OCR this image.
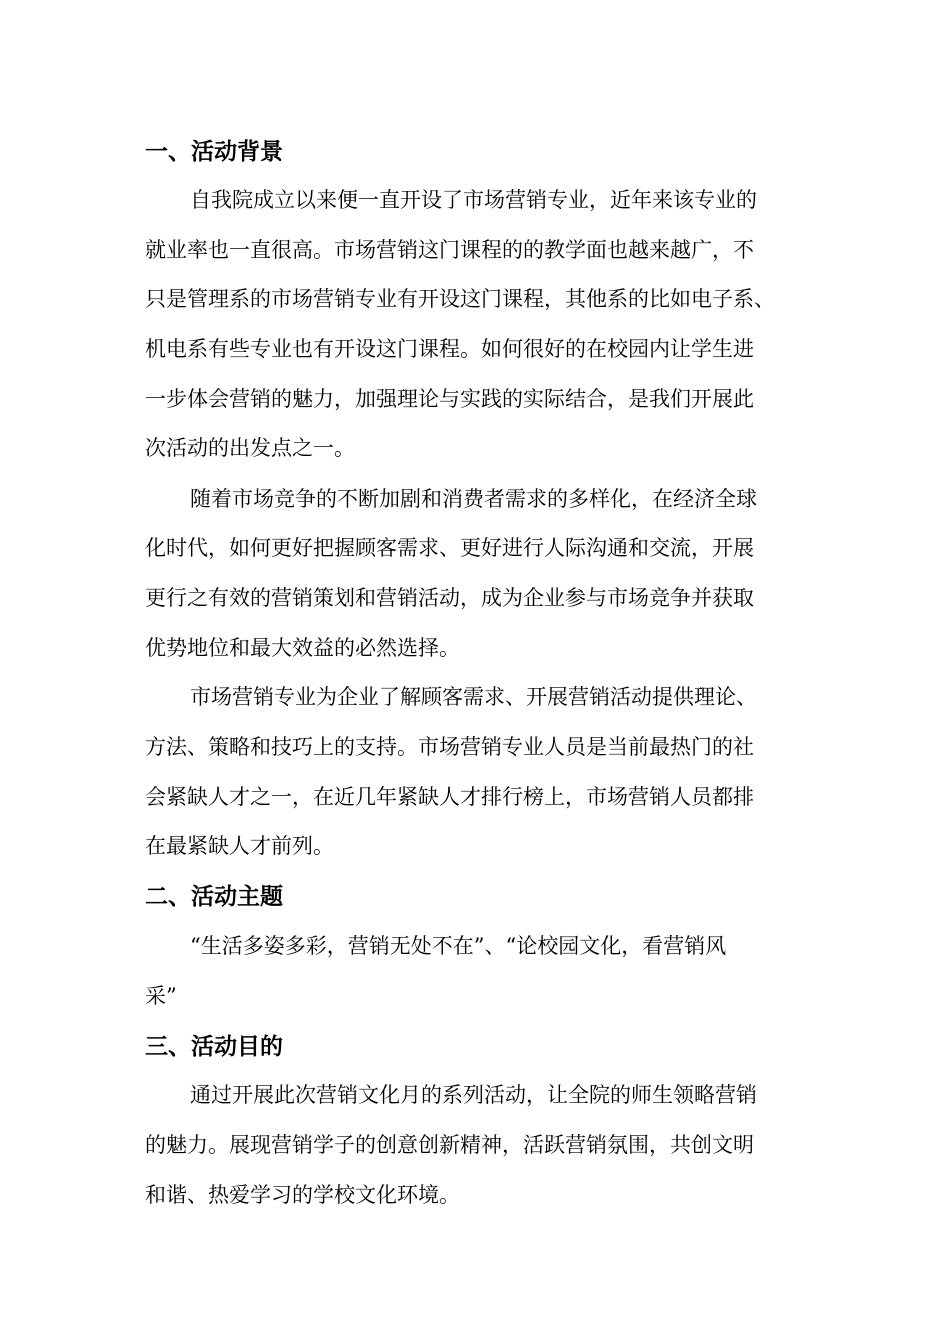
一、活动背景
自我院成立以来便一直开设了市场营销专业，近年来该专业的
就业率也一直很高。市场营销这门课程的的教学面也越来越广，不
只是管理系的市场营销专业有开设这门课程，其他系的比如电子系、
机电系有些专业也有开设这门课程。如何很好的在校园内让学生进
一步体会营销的魅力，加强理论与实践的实际结合，是我们开展此
次活动的出发点之一。
随着市场竞争的不断加剧和消费者需求的多样化，在经济全球
化时代，如何更好把握顾客需求、更好进行人际沟通和交流，开展
更行之有效的营销策划和营销活动，成为企业参与市场竞争并获取
优势地位和最大效益的必然选择。
市场营销专业为企业了解顾客需求、开展营销活动提供理论、
方法、策略和技巧上的支持。市场营销专业人员是当前最热门的社
会紧缺人才之一，在近几年紧缺人才排行榜上，市场营销人员都排
在最紧缺人才前列。
二、活动主题
“生活多姿多彩，营销无处不在”、“论校园文化，看营销风
采”
三、活动目的
通过开展此次营销文化月的系列活动，让全院的师生领略营销
的魅力。展现营销学子的创意创新精神，活跃营销氛围，共创文明
和谐、热爱学习的学校文化环境。
